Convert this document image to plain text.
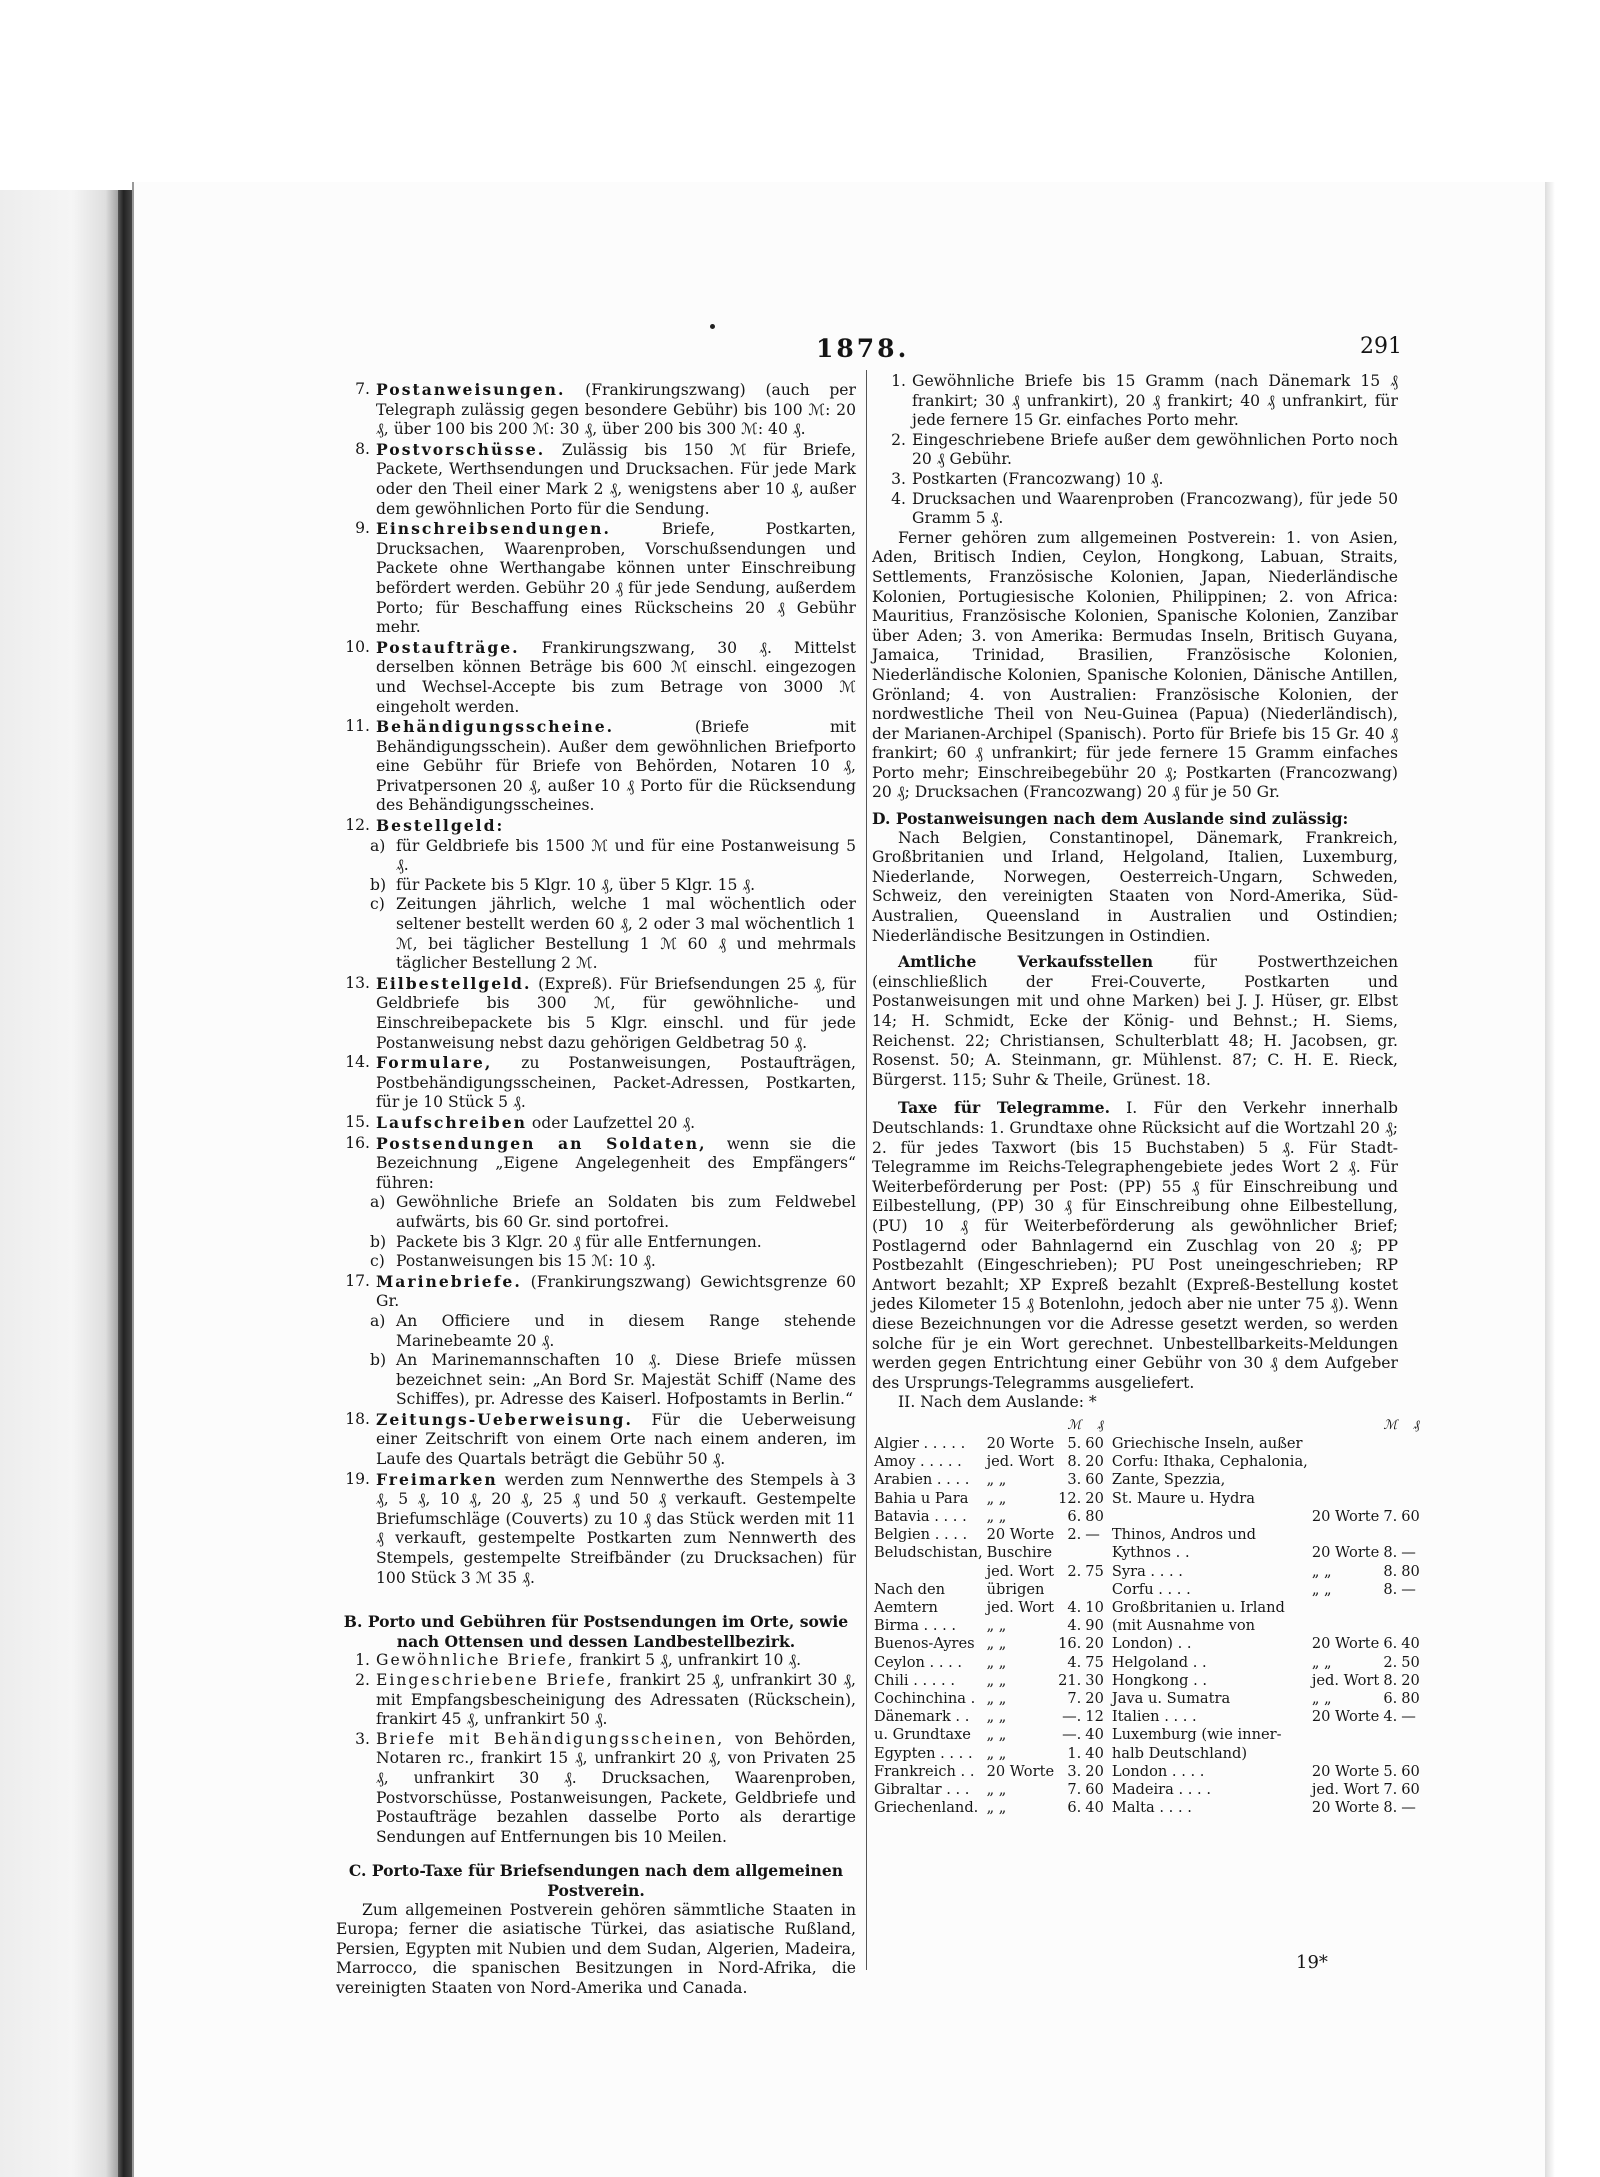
1878.	291
7. Postanweisungen. (Frankirungszwang) (auch per Telegraph zulässig gegen besondere Gebühr) bis 100 ℳ: 20 ₰, über 100 bis 200 ℳ: 30 ₰, über 200 bis 300 ℳ: 40 ₰.
8. Postvorschüsse. Zulässig bis 150 ℳ für Briefe, Packete, Werthsendungen und Drucksachen. Für jede Mark oder den Theil einer Mark 2 ₰, wenigstens aber 10 ₰, außer dem gewöhnlichen Porto für die Sendung.
9. Einschreibsendungen. Briefe, Postkarten, Drucksachen, Waarenproben, Vorschußsendungen und Packete ohne Werthangabe können unter Einschreibung befördert werden. Gebühr 20 ₰ für jede Sendung, außerdem Porto; für Beschaffung eines Rückscheins 20 ₰ Gebühr mehr.
10. Postaufträge. Frankirungszwang, 30 ₰. Mittelst derselben können Beträge bis 600 ℳ einschl. eingezogen und Wechsel-Accepte bis zum Betrage von 3000 ℳ eingeholt werden.
11. Behändigungsscheine. (Briefe mit Behändigungsschein). Außer dem gewöhnlichen Briefporto eine Gebühr für Briefe von Behörden, Notaren 10 ₰, Privatpersonen 20 ₰, außer 10 ₰ Porto für die Rücksendung des Behändigungsscheines.
12. Bestellgeld:
a) für Geldbriefe bis 1500 ℳ und für eine Postanweisung 5 ₰.
b) für Packete bis 5 Klgr. 10 ₰, über 5 Klgr. 15 ₰.
c) Zeitungen jährlich, welche 1 mal wöchentlich oder seltener bestellt werden 60 ₰, 2 oder 3 mal wöchentlich 1 ℳ, bei täglicher Bestellung 1 ℳ 60 ₰ und mehrmals täglicher Bestellung 2 ℳ.
13. Eilbestellgeld. (Expreß). Für Briefsendungen 25 ₰, für Geldbriefe bis 300 ℳ, für gewöhnliche- und Einschreibepackete bis 5 Klgr. einschl. und für jede Postanweisung nebst dazu gehörigen Geldbetrag 50 ₰.
14. Formulare, zu Postanweisungen, Postaufträgen, Postbehändigungsscheinen, Packet-Adressen, Postkarten, für je 10 Stück 5 ₰.
15. Laufschreiben oder Laufzettel 20 ₰.
16. Postsendungen an Soldaten, wenn sie die Bezeichnung „Eigene Angelegenheit des Empfängers“ führen:
a) Gewöhnliche Briefe an Soldaten bis zum Feldwebel aufwärts, bis 60 Gr. sind portofrei.
b) Packete bis 3 Klgr. 20 ₰ für alle Entfernungen.
c) Postanweisungen bis 15 ℳ: 10 ₰.
17. Marinebriefe. (Frankirungszwang) Gewichtsgrenze 60 Gr.
a) An Officiere und in diesem Range stehende Marinebeamte 20 ₰.
b) An Marinemannschaften 10 ₰. Diese Briefe müssen bezeichnet sein: „An Bord Sr. Majestät Schiff (Name des Schiffes), pr. Adresse des Kaiserl. Hofpostamts in Berlin.“
18. Zeitungs-Ueberweisung. Für die Ueberweisung einer Zeitschrift von einem Orte nach einem anderen, im Laufe des Quartals beträgt die Gebühr 50 ₰.
19. Freimarken werden zum Nennwerthe des Stempels à 3 ₰, 5 ₰, 10 ₰, 20 ₰, 25 ₰ und 50 ₰ verkauft. Gestempelte Briefumschläge (Couverts) zu 10 ₰ das Stück werden mit 11 ₰ verkauft, gestempelte Postkarten zum Nennwerth des Stempels, gestempelte Streifbänder (zu Drucksachen) für 100 Stück 3 ℳ 35 ₰.

B. Porto und Gebühren für Postsendungen im Orte, sowie nach Ottensen und dessen Landbestellbezirk.

1. Gewöhnliche Briefe, frankirt 5 ₰, unfrankirt 10 ₰.
2. Eingeschriebene Briefe, frankirt 25 ₰, unfrankirt 30 ₰, mit Empfangsbescheinigung des Adressaten (Rückschein), frankirt 45 ₰, unfrankirt 50 ₰.
3. Briefe mit Behändigungsscheinen, von Behörden, Notaren rc., frankirt 15 ₰, unfrankirt 20 ₰, von Privaten 25 ₰, unfrankirt 30 ₰. Drucksachen, Waarenproben, Postvorschüsse, Postanweisungen, Packete, Geldbriefe und Postaufträge bezahlen dasselbe Porto als derartige Sendungen auf Entfernungen bis 10 Meilen.

C. Porto-Taxe für Briefsendungen nach dem allgemeinen Postverein.

Zum allgemeinen Postverein gehören sämmtliche Staaten in Europa; ferner die asiatische Türkei, das asiatische Rußland, Persien, Egypten mit Nubien und dem Sudan, Algerien, Madeira, Marrocco, die spanischen Besitzungen in Nord-Afrika, die vereinigten Staaten von Nord-Amerika und Canada.

1. Gewöhnliche Briefe bis 15 Gramm (nach Dänemark 15 ₰ frankirt; 30 ₰ unfrankirt), 20 ₰ frankirt; 40 ₰ unfrankirt, für jede fernere 15 Gr. einfaches Porto mehr.
2. Eingeschriebene Briefe außer dem gewöhnlichen Porto noch 20 ₰ Gebühr.
3. Postkarten (Francozwang) 10 ₰.
4. Drucksachen und Waarenproben (Francozwang), für jede 50 Gramm 5 ₰.

Ferner gehören zum allgemeinen Postverein: 1. von Asien, Aden, Britisch Indien, Ceylon, Hongkong, Labuan, Straits, Settlements, Französische Kolonien, Japan, Niederländische Kolonien, Portugiesische Kolonien, Philippinen; 2. von Africa: Mauritius, Französische Kolonien, Spanische Kolonien, Zanzibar über Aden; 3. von Amerika: Bermudas Inseln, Britisch Guyana, Jamaica, Trinidad, Brasilien, Französische Kolonien, Niederländische Kolonien, Spanische Kolonien, Dänische Antillen, Grönland; 4. von Australien: Französische Kolonien, der nordwestliche Theil von Neu-Guinea (Papua) (Niederländisch), der Marianen-Archipel (Spanisch). Porto für Briefe bis 15 Gr. 40 ₰ frankirt; 60 ₰ unfrankirt; für jede fernere 15 Gramm einfaches Porto mehr; Einschreibegebühr 20 ₰; Postkarten (Francozwang) 20 ₰; Drucksachen (Francozwang) 20 ₰ für je 50 Gr.

D. Postanweisungen nach dem Auslande sind zulässig:

Nach Belgien, Constantinopel, Dänemark, Frankreich, Großbritanien und Irland, Helgoland, Italien, Luxemburg, Niederlande, Norwegen, Oesterreich-Ungarn, Schweden, Schweiz, den vereinigten Staaten von Nord-Amerika, Süd-Australien, Queensland in Australien und Ostindien; Niederländische Besitzungen in Ostindien.

Amtliche Verkaufsstellen für Postwerthzeichen (einschließlich der Frei-Couverte, Postkarten und Postanweisungen mit und ohne Marken) bei J. J. Hüser, gr. Elbst 14; H. Schmidt, Ecke der König- und Behnst.; H. Siems, Reichenst. 22; Christiansen, Schulterblatt 48; H. Jacobsen, gr. Rosenst. 50; A. Steinmann, gr. Mühlenst. 87; C. H. E. Rieck, Bürgerst. 115; Suhr & Theile, Grünest. 18.

Taxe für Telegramme. I. Für den Verkehr innerhalb Deutschlands: 1. Grundtaxe ohne Rücksicht auf die Wortzahl 20 ₰; 2. für jedes Taxwort (bis 15 Buchstaben) 5 ₰. Für Stadt-Telegramme im Reichs-Telegraphengebiete jedes Wort 2 ₰. Für Weiterbeförderung per Post: (PP) 55 ₰ für Einschreibung und Eilbestellung, (PP) 30 ₰ für Einschreibung ohne Eilbestellung, (PU) 10 ₰ für Weiterbeförderung als gewöhnlicher Brief; Postlagernd oder Bahnlagernd ein Zuschlag von 20 ₰; PP Postbezahlt (Eingeschrieben); PU Post uneingeschrieben; RP Antwort bezahlt; XP Expreß bezahlt (Expreß-Bestellung kostet jedes Kilometer 15 ₰ Botenlohn, jedoch aber nie unter 75 ₰). Wenn diese Bezeichnungen vor die Adresse gesetzt werden, so werden solche für je ein Wort gerechnet. Unbestellbarkeits-Meldungen werden gegen Entrichtung einer Gebühr von 30 ₰ dem Aufgeber des Ursprungs-Telegramms ausgeliefert.

II. Nach dem Auslande: *

		ℳ	₰				ℳ	₰
Algier . . . . .	20 Worte	5.	60		Griechische Inseln, außer			
Amoy . . . . .	jed. Wort	8.	20		Corfu: Ithaka, Cephalonia,			
Arabien . . . .	„ „	3.	60		Zante, Spezzia,			
Bahia u Para	„ „	12.	20		St. Maure u. Hydra			
Batavia . . . .	„ „	6.	80			20 Worte	7.	60
Belgien . . . .	20 Worte	2.	—		Thinos, Andros und			
Beludschistan,	Buschire				Kythnos . .	20 Worte	8.	—
	jed. Wort	2.	75		Syra . . . .	„ „	8.	80
Nach den	übrigen				Corfu . . . .	„ „	8.	—
Aemtern	jed. Wort	4.	10		Großbritanien u. Irland			
Birma . . . .	„ „	4.	90		(mit Ausnahme von			
Buenos-Ayres	„ „	16.	20		London) . .	20 Worte	6.	40
Ceylon . . . .	„ „	4.	75		Helgoland . .	„ „	2.	50
Chili . . . . .	„ „	21.	30		Hongkong . .	jed. Wort	8.	20
Cochinchina .	„ „	7.	20		Java u. Sumatra	„ „	6.	80
Dänemark . .	„ „	—.	12		Italien . . . .	20 Worte	4.	—
u. Grundtaxe	„ „	—.	40		Luxemburg (wie inner-			
Egypten . . . .	„ „	1.	40		halb Deutschland)			
Frankreich . .	20 Worte	3.	20		London . . . .	20 Worte	5.	60
Gibraltar . . .	„ „	7.	60		Madeira . . . .	jed. Wort	7.	60
Griechenland.	„ „	6.	40		Malta . . . .	20 Worte	8.	—
19*
